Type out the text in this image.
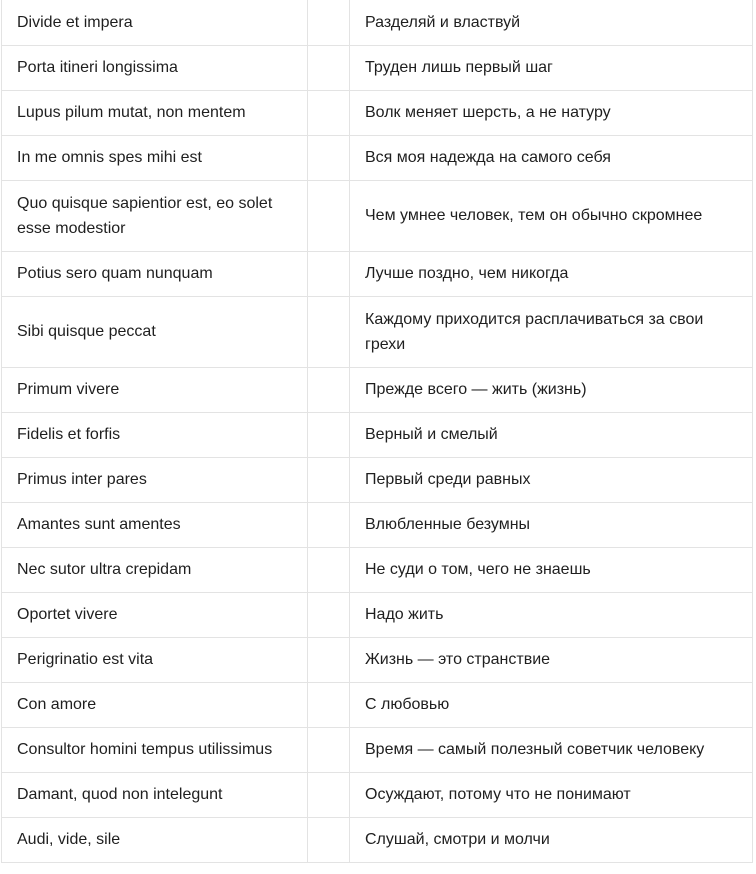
Divide et impera		Разделяй и властвуй
Porta itineri longissima		Труден лишь первый шаг
Lupus pilum mutat, non mentem		Волк меняет шерсть, а не натуру
In me omnis spes mihi est		Вся моя надежда на самого себя
Quo quisque sapientior est, eo solet esse modestior		Чем умнее человек, тем он обычно скромнее
Potius sero quam nunquam		Лучше поздно, чем никогда
Sibi quisque peccat		Каждому приходится расплачиваться за свои грехи
Primum vivere		Прежде всего — жить (жизнь)
Fidelis et forfis		Верный и смелый
Primus inter pares		Первый среди равных
Amantes sunt amentes		Влюбленные безумны
Nec sutor ultra crepidam		Не суди о том, чего не знаешь
Oportet vivere		Надо жить
Perigrinatio est vita		Жизнь — это странствие
Con amore		С любовью
Consultor homini tempus utilissimus		Время — самый полезный советчик человеку
Damant, quod non intelegunt		Осуждают, потому что не понимают
Audi, vide, sile		Слушай, смотри и молчи
